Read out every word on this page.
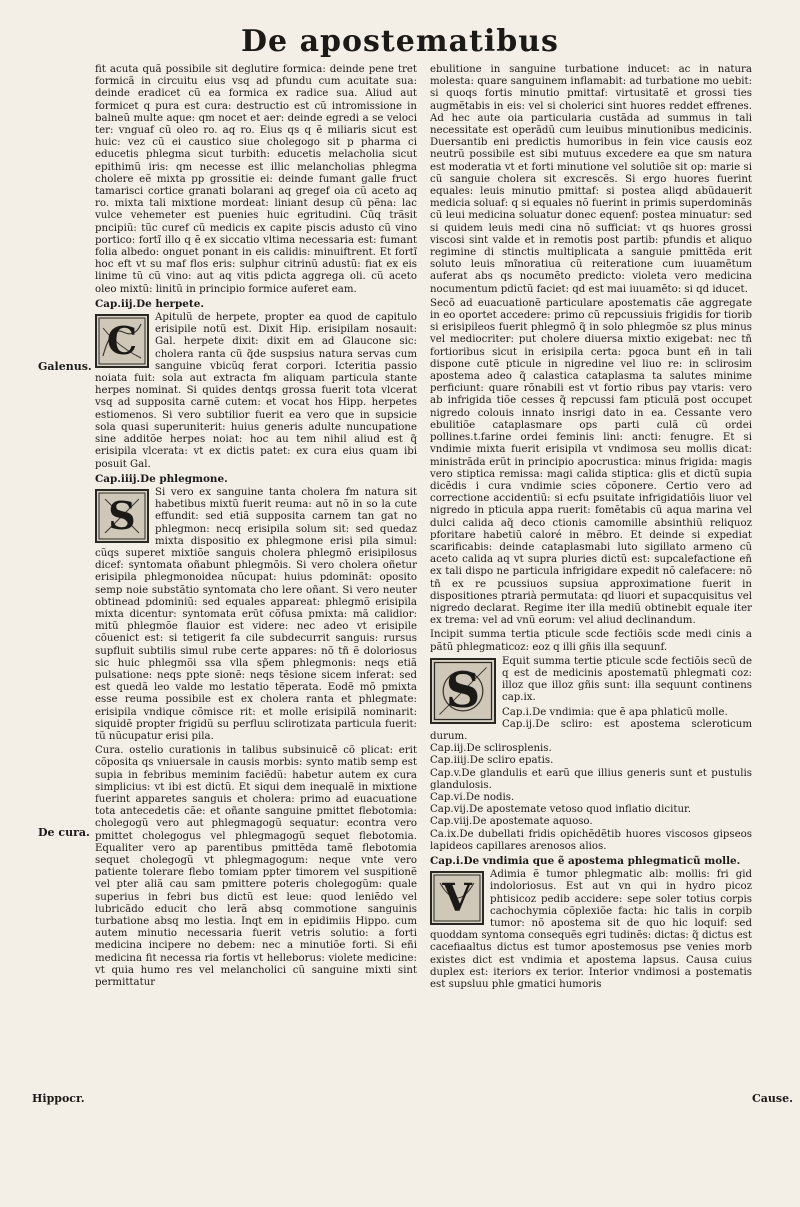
De apostematibus
Galenus.
De cura.
Hippocr.	Cause.

fit acuta quã possibile sit deglutire formica: deinde pene tret formicã in circuitu eius vsq ad pfundu cum acuitate sua: deinde eradicet cũ ea formica ex radice sua. Aliud aut formicet q pura est cura: destructio est cũ intromissione in balneũ multe aque: qm nocet et aer: deinde egredi a se veloci ter: vnguaf cũ oleo ro. aq ro. Eius qs q ẽ miliaris sicut est huic: vez cũ ei caustico siue cholegogo sit p pharma ci educetis phlegma sicut turbith: educetis melacholia sicut epithimũ iris: qm necesse est illic melancholias phlegma cholere eẽ mixta pp grossitie ei: deinde fumant galle fruct tamarisci cortice granati bolarani aq gregef oia cũ aceto aq ro. mixta tali mixtione mordeat: liniant desup cũ pẽna: lac vulce vehemeter est puenies huic egritudini. Cũq trãsit pncipiũ: tũc curef cũ medicis ex capite piscis adusto cũ vino portico: fortĩ illo q ẽ ex siccatio vltima necessaria est: fumant folia albedo: onguet ponant in eis calidis: minuiftrent. Et fortĩ hoc eft vt su maf flos eris: sulphur citrinũ adustũ: fiat ex eis linime tũ cũ vino: aut aq vitis pdicta aggrega oli. cũ aceto oleo mixtũ: linitũ in principio formice auferet eam.

Cap.iij.De herpete.

C
Apitulũ de herpete, propter ea quod de capitulo erisipile notũ est. Dixit Hip. erisipilam nosauit: Gal. herpete dixit: dixit em ad Glaucone sic: cholera ranta cũ q̃de suspsius natura servas cum sanguine vbicũq ferat corpori. Icteritia passio noiata fuit: sola aut extracta fm aliquam particula stante herpes nominat. Si quides dentqs grossa fuerit tota vlcerat vsq ad supposita carnẽ cutem: et vocat hos Hipp. herpetes estiomenos. Si vero subtilior fuerit ea vero que in supsicie sola quasi superuniterit: huius generis adulte nuncupatione sine additõe herpes noiat: hoc au tem nihil aliud est q̃ erisipila vlcerata: vt ex dictis patet: ex cura eius quam ibi posuit Gal.

Cap.iiij.De phlegmone.

S
Si vero ex sanguine tanta cholera fm natura sit habetibus mixtũ fuerit reuma: aut nõ in so la cute effundit: sed etiã supposita carnem tan gat no phlegmon: necq erisipila solum sit: sed quedaz mixta dispositio ex phlegmone erisi pila simul: cũqs superet mixtiõe sanguis cholera phlegmõ erisipilosus dicef: syntomata oñabunt phlegmõis. Si vero cholera oñetur erisipila phlegmonoidea nũcupat: huius pdominãt: oposito semp noie substãtio syntomata cho lere oñant. Si vero neuter obtinead pdominiũ: sed equales appareat: phlegmõ erisipila mixta dicentur: syntomata erũt cõfusa pmixta: mã calidior: mitũ phlegmõe flauior est videre: nec adeo vt erisipile cõuenict est: si tetigerit fa cile subdecurrit sanguis: rursus supfluit subtilis simul rube certe appares: nõ tñ ẽ doloriosus sic huic phlegmõi ssa vlla sp̃em phlegmonis: neqs etiã pulsatione: neqs ppte sionẽ: neqs tẽsione sicem inferat: sed est quedã leo valde mo lestatio tẽperata. Eodẽ mõ pmixta esse reuma possibile est ex cholera ranta et phlegmate: erisipila vndique cõmisce rit: et molle erisipilã nominarit: siquidẽ propter frigidũ su perfluu sclirotizata particula fuerit: tũ nũcupatur erisi pila.

Cura. ostelio curationis in talibus subsinuicẽ cõ plicat: erit cõposita qs vniuersale in causis morbis: synto matib semp est supia in febribus meminim faciẽdũ: habetur autem ex cura simplicius: vt ibi est dictũ. Et siqui dem inequalẽ in mixtione fuerint apparetes sanguis et cholera: primo ad euacuatione tota antecedetis cãe: et oñante sanguine pmittet flebotomia: cholegogũ vero aut phlegmagogũ sequatur: econtra vero pmittet cholegogus vel phlegmagogũ sequet flebotomia. Equaliter vero ap parentibus pmittẽda tamẽ flebotomia sequet cholegogũ vt phlegmagogum: neque vnte vero patiente tolerare flebo tomiam ppter timorem vel suspitionẽ vel pter aliã cau sam pmittere poteris cholegogũm: quale superius in febri bus dictũ est leue: quod leniẽdo vel lubricãdo educit cho lerã absq commotione sanguinis turbatione absq mo lestia. Inqt em in epidimiis Hippo. cum autem minutio necessaria fuerit vetris solutio: a forti medicina incipere no debem: nec a minutiõe forti. Si eñi medicina fit necessa ria fortis vt helleborus: violete medicine: vt quia humo res vel melancholici cũ sanguine mixti sint permittatur

ebulitione in sanguine turbatione inducet: ac in natura molesta: quare sanguinem inflamabit: ad turbatione mo uebit: si quoqs fortis minutio pmittaf: virtusitatẽ et grossi ties augmẽtabis in eis: vel si cholerici sint huores reddet effrenes. Ad hec aute oia particularia custãda ad summus in tali necessitate est operãdũ cum leuibus minutionibus medicinis. Duersantib eni predictis humoribus in fein vice causis eoz neutrũ possibile est sibi mutuus excedere ea que sm natura est moderatia vt et forti minutione vel solutiõe sit op: marie si cũ sanguie cholera sit excrescẽs. Si ergo huores fuerint equales: leuis minutio pmittaf: si postea aliqd abũdauerit medicia soluaf: q si equales nõ fuerint in primis superdominãs cũ leui medicina soluatur donec equenf: postea minuatur: sed si quidem leuis medi cina nõ sufficiat: vt qs huores grossi viscosi sint valde et in remotis post partib: pfundis et aliquo regimine di stinctis multiplicata a sanguie pmittẽda erit soluto leuis mĩnoratiua cũ reiteratione cum iuuamẽtum auferat abs qs nocumẽto predicto: violeta vero medicina nocumentum pdictũ faciet: qd est mai iuuamẽto: si qd iducet.

Secõ ad euacuationẽ particulare apostematis cãe aggregate in eo oportet accedere: primo cũ repcussiuis frigidis for tiorib si erisipileos fuerit phlegmõ q̃ in solo phlegmõe sz plus minus vel mediocriter: put cholere diuersa mixtio exigebat: nec tñ fortioribus sicut in erisipila certa: pgoca bunt eñ in tali dispone cutẽ pticule in nigredine vel liuo re: in sclirosim apostema adeo q̃ calastica cataplasma ta salutes minime perficiunt: quare rõnabili est vt fortio ribus pay vtaris: vero ab infrigida tiõe cesses q̃ repcussi fam pticulã post occupet nigredo colouis innato insrigi dato in ea. Cessante vero ebulitiõe cataplasmare ops parti culã cũ ordei pollines.t.farine ordei feminis lini: ancti: fenugre. Et si vndimie mixta fuerit erisipila vt vndimosa seu mollis dicat: ministrãda erũt in principio apocrustica: minus frigida: magis vero stiptica remissa: magi calida stiptica: glis et dictũ supia dicẽdis i cura vndimie scies cõponere. Certio vero ad correctione accidentiũ: si ecfu psuitate infrigidatiõis liuor vel nigredo in pticula appa ruerit: fomẽtabis cũ aqua marina vel dulci calida aq̃ deco ctionis camomille absinthiũ reliquoz pforitare habetiũ caloré in mẽbro. Et deinde si expediat scarificabis: deinde cataplasmabi luto sigillato armeno cũ aceto calida aq vt supra pluries dictũ est: supcalefactione eñ ex tali dispo ne particula infrigidare expedit nõ calefacere: nõ tñ ex re pcussiuos supsiua approximatione fuerit in dispositiones ptrarià permutata: qd liuori et supacquisitus vel nigredo declarat. Regime iter illa mediũ obtinebit equale iter ex trema: vel ad vnũ eorum: vel aliud declinandum.

Incipit summa tertia pticule scde fectiõis scde medi cinis a pãtũ phlegmaticoz: eoz q illi gñis illa sequunf.

S
Equit summa tertie pticule scde fectiõis secũ de q est de medicinis apostematũ phlegmati coz: illoz que illoz gñis sunt: illa sequunt continens cap.ix.

Cap.i.De vndimia: que ẽ apa phlaticũ molle.
Cap.ij.De scliro: est apostema scleroticum durum.
Cap.iij.De sclirosplenis.
Cap.iiij.De scliro epatis.
Cap.v.De glandulis et earũ que illius generis sunt et pustulis glandulosis.
Cap.vi.De nodis.
Cap.vij.De apostemate vetoso quod inflatio dicitur.
Cap.viij.De apostemate aquoso.
Ca.ix.De dubellati fridis opichẽdẽtib huores viscosos gipseos lapideos capillares arenosos alios.
Cap.i.De vndimia que ẽ apostema phlegmaticũ molle.

V
Adimia ẽ tumor phlegmatic alb: mollis: fri gid indoloriosus. Est aut vn qui in hydro picoz phtisicoz pedib accidere: sepe soler totius corpis cachochymia cõplexiõe facta: hic talis in corpib tumor: nõ apostema sit de quo hic loquif: sed quoddam syntoma consequẽs egri tudinẽs: dictas: q̃ dictus est cacefiaaltus dictus est tumor apostemosus pse venies morb existes dict est vndimia et apostema lapsus. Causa cuius duplex est: iteriors ex terior. Interior vndimosi a postematis est supsluu phle gmatici humoris
